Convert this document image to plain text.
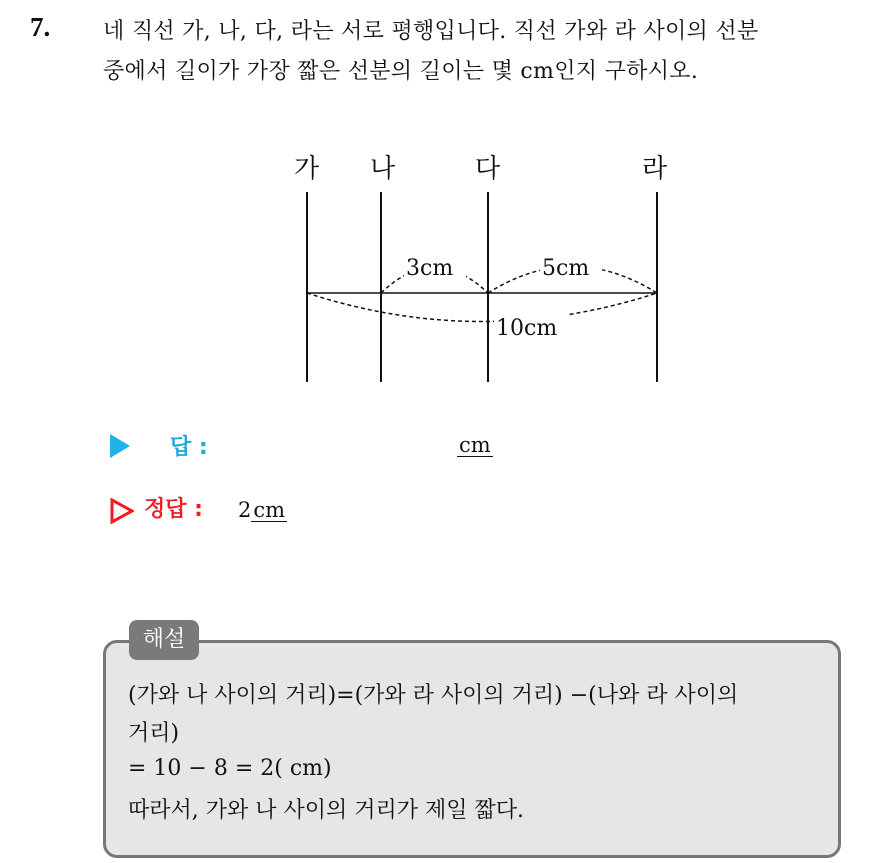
7. 네 직선 가, 나, 다, 라는 서로 평행입니다. 직선 가와 라 사이의 선분
중에서 길이가 가장 짧은 선분의 길이는 몇 cm인지 구하시오.
가 나	다	라
3cm	5cm
10cm
답 :	cm
정답 : 2cm
해설
(가와 나 사이의 거리)=(가와 라 사이의 거리) −(나와 라 사이의
거리)
= 10 − 8 = 2( cm)
따라서, 가와 나 사이의 거리가 제일 짧다.
